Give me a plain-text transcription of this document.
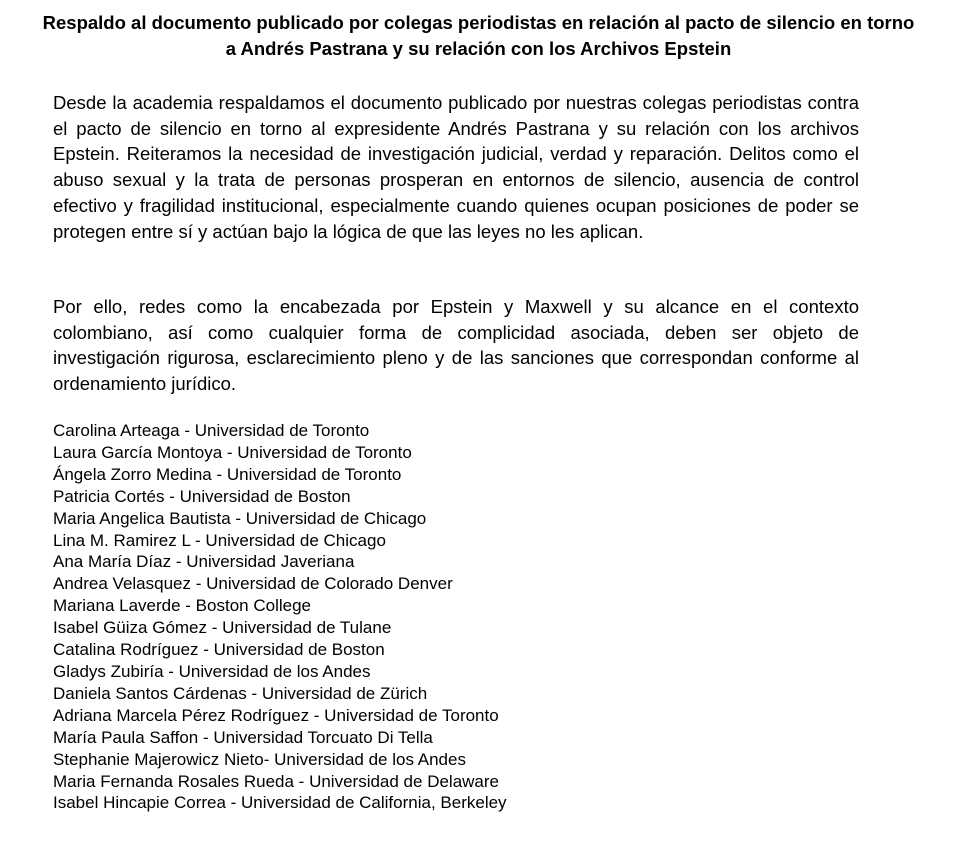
Respaldo al documento publicado por colegas periodistas en relación al pacto de silencio en torno a Andrés Pastrana y su relación con los Archivos Epstein

Desde la academia respaldamos el documento publicado por nuestras colegas periodistas contra el pacto de silencio en torno al expresidente Andrés Pastrana y su relación con los archivos Epstein. Reiteramos la necesidad de investigación judicial, verdad y reparación. Delitos como el abuso sexual y la trata de personas prosperan en entornos de silencio, ausencia de control efectivo y fragilidad institucional, especialmente cuando quienes ocupan posiciones de poder se protegen entre sí y actúan bajo la lógica de que las leyes no les aplican.

Por ello, redes como la encabezada por Epstein y Maxwell y su alcance en el contexto colombiano, así como cualquier forma de complicidad asociada, deben ser objeto de investigación rigurosa, esclarecimiento pleno y de las sanciones que correspondan conforme al ordenamiento jurídico.

Carolina Arteaga - Universidad de Toronto
Laura García Montoya - Universidad de Toronto
Ángela Zorro Medina - Universidad de Toronto
Patricia Cortés - Universidad de Boston
Maria Angelica Bautista - Universidad de Chicago
Lina M. Ramirez L - Universidad de Chicago
Ana María Díaz - Universidad Javeriana
Andrea Velasquez - Universidad de Colorado Denver
Mariana Laverde - Boston College
Isabel Güiza Gómez - Universidad de Tulane
Catalina Rodríguez - Universidad de Boston
Gladys Zubiría - Universidad de los Andes
Daniela Santos Cárdenas - Universidad de Zürich
Adriana Marcela Pérez Rodríguez - Universidad de Toronto
María Paula Saffon - Universidad Torcuato Di Tella
Stephanie Majerowicz Nieto- Universidad de los Andes
Maria Fernanda Rosales Rueda - Universidad de Delaware
Isabel Hincapie Correa - Universidad de California, Berkeley
